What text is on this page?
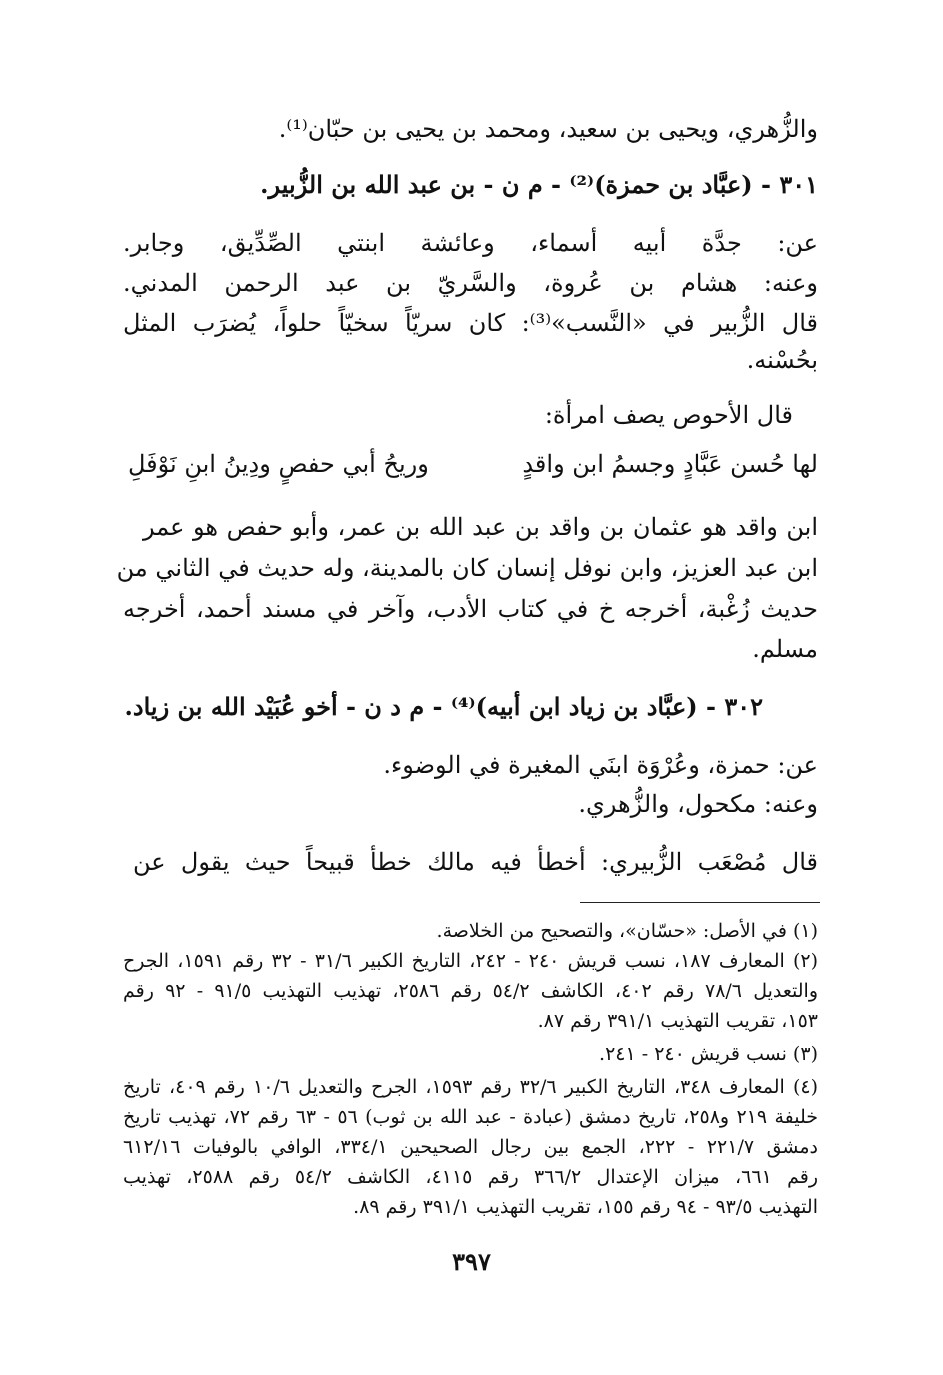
والزُّهري، ويحيى بن سعيد، ومحمد بن يحيى بن حبّان⁽¹⁾.
٣٠١ - (عبَّاد بن حمزة)⁽²⁾ - م ن - بن عبد الله بن الزُّبير.
عن: جدَّة أبيه أسماء، وعائشة ابنتي الصِّدِّيق، وجابر.
وعنه: هشام بن عُروة، والسَّريّ بن عبد الرحمن المدني.
قال الزُّبير في «النَّسب»⁽³⁾: كان سريّاً سخيّاً حلواً، يُضرَب المثل
بحُسْنه.
قال الأحوص يصف امرأة:
لها حُسن عَبَّادٍ وجسمُ ابن واقدٍ
وريحُ أبي حفصٍ ودِينُ ابنِ نَوْفَلِ
ابن واقد هو عثمان بن واقد بن عبد الله بن عمر، وأبو حفص هو عمر
ابن عبد العزيز، وابن نوفل إنسان كان بالمدينة، وله حديث في الثاني من
حديث زُغْبة، أخرجه خ في كتاب الأدب، وآخر في مسند أحمد، أخرجه
مسلم.
٣٠٢ - (عبَّاد بن زياد ابن أبيه)⁽⁴⁾ - م د ن - أخو عُبَيْد الله بن زياد.
عن: حمزة، وعُرْوَة ابنَي المغيرة في الوضوء.
وعنه: مكحول، والزُّهري.
قال مُصْعَب الزُّبيري: أخطأ فيه مالك خطأ قبيحاً حيث يقول عن
(١) في الأصل: «حسّان»، والتصحيح من الخلاصة.
(٢) المعارف ١٨٧، نسب قريش ٢٤٠ - ٢٤٢، التاريخ الكبير ٣١/٦ - ٣٢ رقم ١٥٩١، الجرح
والتعديل ٧٨/٦ رقم ٤٠٢، الكاشف ٥٤/٢ رقم ٢٥٨٦، تهذيب التهذيب ٩١/٥ - ٩٢ رقم
١٥٣، تقريب التهذيب ٣٩١/١ رقم ٨٧.
(٣) نسب قريش ٢٤٠ - ٢٤١.
(٤) المعارف ٣٤٨، التاريخ الكبير ٣٢/٦ رقم ١٥٩٣، الجرح والتعديل ١٠/٦ رقم ٤٠٩، تاريخ
خليفة ٢١٩ و٢٥٨، تاريخ دمشق (عبادة - عبد الله بن ثوب) ٥٦ - ٦٣ رقم ٧٢، تهذيب تاريخ
دمشق ٢٢١/٧ - ٢٢٢، الجمع بين رجال الصحيحين ٣٣٤/١، الوافي بالوفيات ٦١٢/١٦
رقم ٦٦١، ميزان الإعتدال ٣٦٦/٢ رقم ٤١١٥، الكاشف ٥٤/٢ رقم ٢٥٨٨، تهذيب
التهذيب ٩٣/٥ - ٩٤ رقم ١٥٥، تقريب التهذيب ٣٩١/١ رقم ٨٩.
٣٩٧
